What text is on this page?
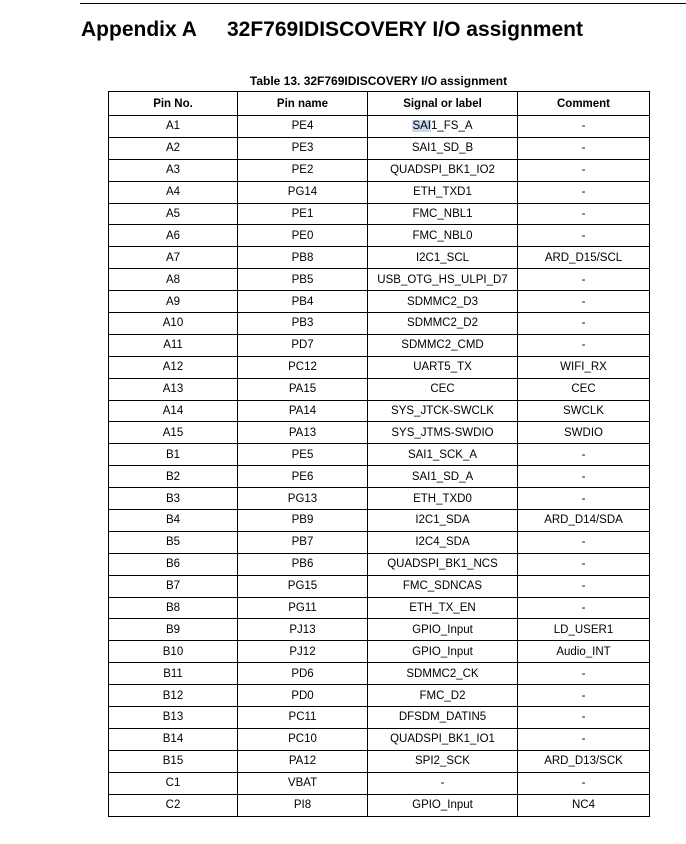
Appendix A 32F769IDISCOVERY I/O assignment
Table 13. 32F769IDISCOVERY I/O assignment
Pin No.	Pin name	Signal or label	Comment
A1	PE4	SAI1_FS_A	-
A2	PE3	SAI1_SD_B	-
A3	PE2	QUADSPI_BK1_IO2	-
A4	PG14	ETH_TXD1	-
A5	PE1	FMC_NBL1	-
A6	PE0	FMC_NBL0	-
A7	PB8	I2C1_SCL	ARD_D15/SCL
A8	PB5	USB_OTG_HS_ULPI_D7	-
A9	PB4	SDMMC2_D3	-
A10	PB3	SDMMC2_D2	-
A11	PD7	SDMMC2_CMD	-
A12	PC12	UART5_TX	WIFI_RX
A13	PA15	CEC	CEC
A14	PA14	SYS_JTCK-SWCLK	SWCLK
A15	PA13	SYS_JTMS-SWDIO	SWDIO
B1	PE5	SAI1_SCK_A	-
B2	PE6	SAI1_SD_A	-
B3	PG13	ETH_TXD0	-
B4	PB9	I2C1_SDA	ARD_D14/SDA
B5	PB7	I2C4_SDA	-
B6	PB6	QUADSPI_BK1_NCS	-
B7	PG15	FMC_SDNCAS	-
B8	PG11	ETH_TX_EN	-
B9	PJ13	GPIO_Input	LD_USER1
B10	PJ12	GPIO_Input	Audio_INT
B11	PD6	SDMMC2_CK	-
B12	PD0	FMC_D2	-
B13	PC11	DFSDM_DATIN5	-
B14	PC10	QUADSPI_BK1_IO1	-
B15	PA12	SPI2_SCK	ARD_D13/SCK
C1	VBAT	-	-
C2	PI8	GPIO_Input	NC4
